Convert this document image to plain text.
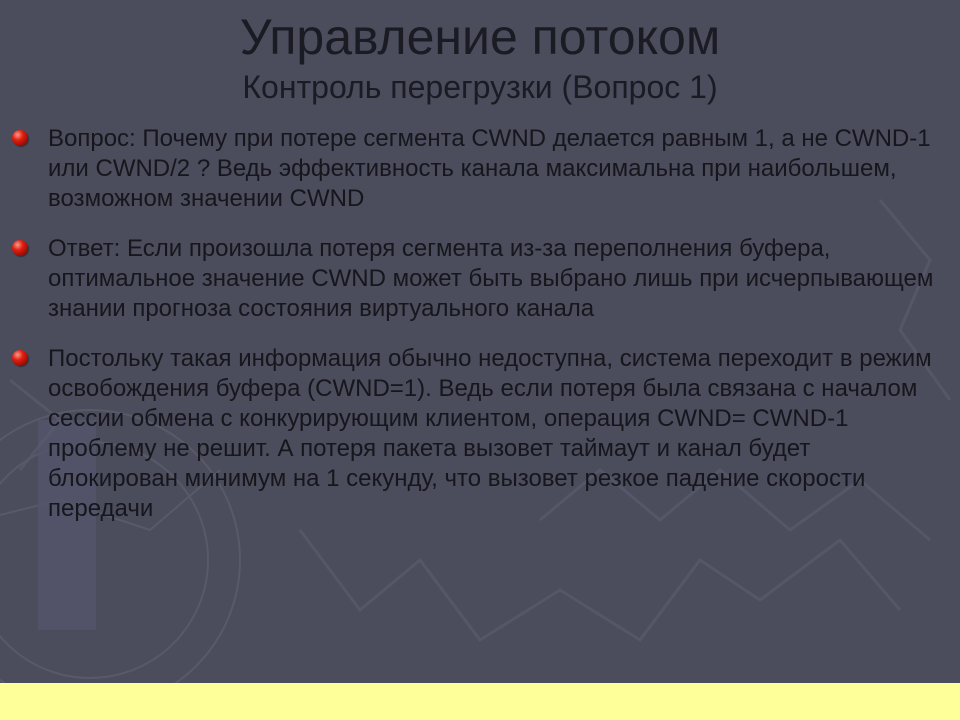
Управление потоком
Контроль перегрузки (Вопрос 1)
Вопрос: Почему при потере сегмента CWND делается равным 1, а не CWND-1 или CWND/2 ? Ведь эффективность канала максимальна при наибольшем, возможном значении CWND
Ответ: Если произошла потеря сегмента из-за переполнения буфера, оптимальное значение CWND может быть выбрано лишь при исчерпывающем знании прогноза состояния виртуального канала
Постольку такая информация обычно недоступна, система переходит в режим освобождения буфера (CWND=1). Ведь если потеря была связана с началом сессии обмена с конкурирующим клиентом, операция CWND= CWND-1 проблему не решит. А потеря пакета вызовет таймаут и канал будет блокирован минимум на 1 секунду, что вызовет резкое падение скорости передачи
